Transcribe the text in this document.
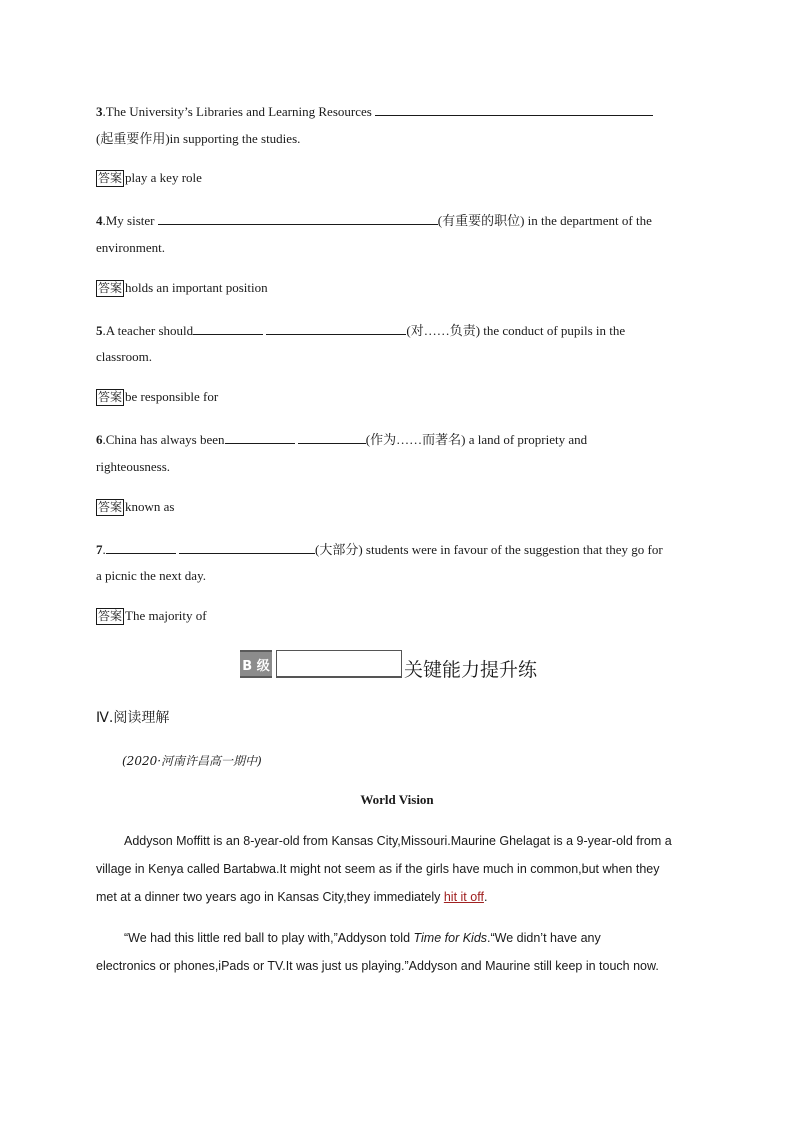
3.The University’s Libraries and Learning Resources
(起重要作用)in supporting the studies.
答案 play a key role
4.My sister	(有重要的职位) in the department of the
environment.
答案 holds an important position
5.A teacher should	(对……负责) the conduct of pupils in the
classroom.
答案 be responsible for
6.China has always been	(作为……而著名) a land of propriety and
righteousness.
答案 known as
7.	(大部分) students were in favour of the suggestion that they go for
a picnic the next day.
答案 The majority of
B 级	关键能力提升练
Ⅳ.阅读理解
(2020·河南许昌高一期中)
World Vision
Addyson Moffitt is an 8-year-old from Kansas City,Missouri.Maurine Ghelagat is a 9-year-old from a
village in Kenya called Bartabwa.It might not seem as if the girls have much in common,but when they
met at a dinner two years ago in Kansas City,they immediately hit it off.
“We had this little red ball to play with,”Addyson told Time for Kids.“We didn’t have any
electronics or phones,iPads or TV.It was just us playing.”Addyson and Maurine still keep in touch now.
